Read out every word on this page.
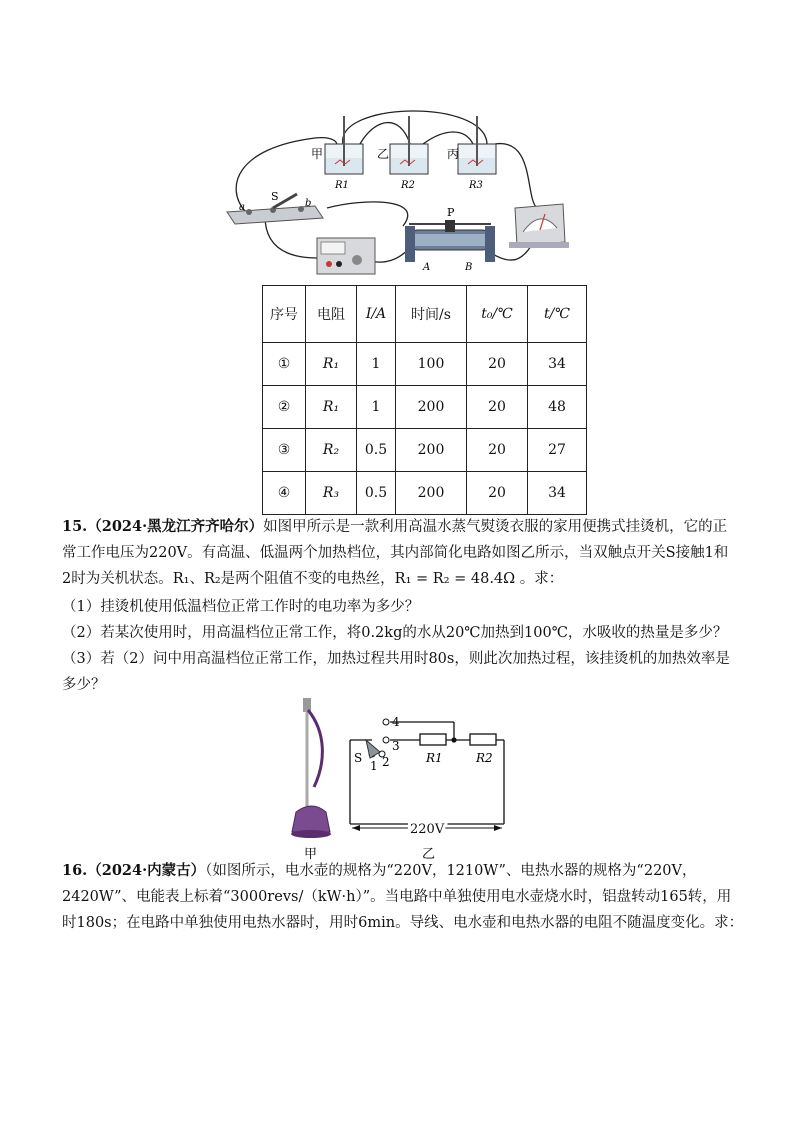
甲	乙	丙
R1	R2	R3
S
a	b
P
A	B
序号	电阻	I/A	时间/s	t₀/℃	t/℃
①	R₁	1	100	20	34
②	R₁	1	200	20	48
③	R₂	0.5	200	20	27
④	R₃	0.5	200	20	34
15.（2024·黑龙江齐齐哈尔）如图甲所示是一款利用高温水蒸气熨烫衣服的家用便携式挂烫机，它的正
常工作电压为220V。有高温、低温两个加热档位，其内部简化电路如图乙所示，当双触点开关S接触1和
2时为关机状态。R₁、R₂是两个阻值不变的电热丝，R₁ = R₂ = 48.4Ω 。求：
（1）挂烫机使用低温档位正常工作时的电功率为多少？
（2）若某次使用时，用高温档位正常工作，将0.2kg的水从20℃加热到100℃，水吸收的热量是多少？
（3）若（2）问中用高温档位正常工作，加热过程共用时80s，则此次加热过程，该挂烫机的加热效率是
多少？
4
3
2
1
S	R1	R2
220V
甲	乙
16.（2024·内蒙古）（如图所示，电水壶的规格为“220V，1210W”、电热水器的规格为“220V，
2420W”、电能表上标着“3000revs/（kW·h）”。当电路中单独使用电水壶烧水时，铝盘转动165转，用
时180s；在电路中单独使用电热水器时，用时6min。导线、电水壶和电热水器的电阻不随温度变化。求：
